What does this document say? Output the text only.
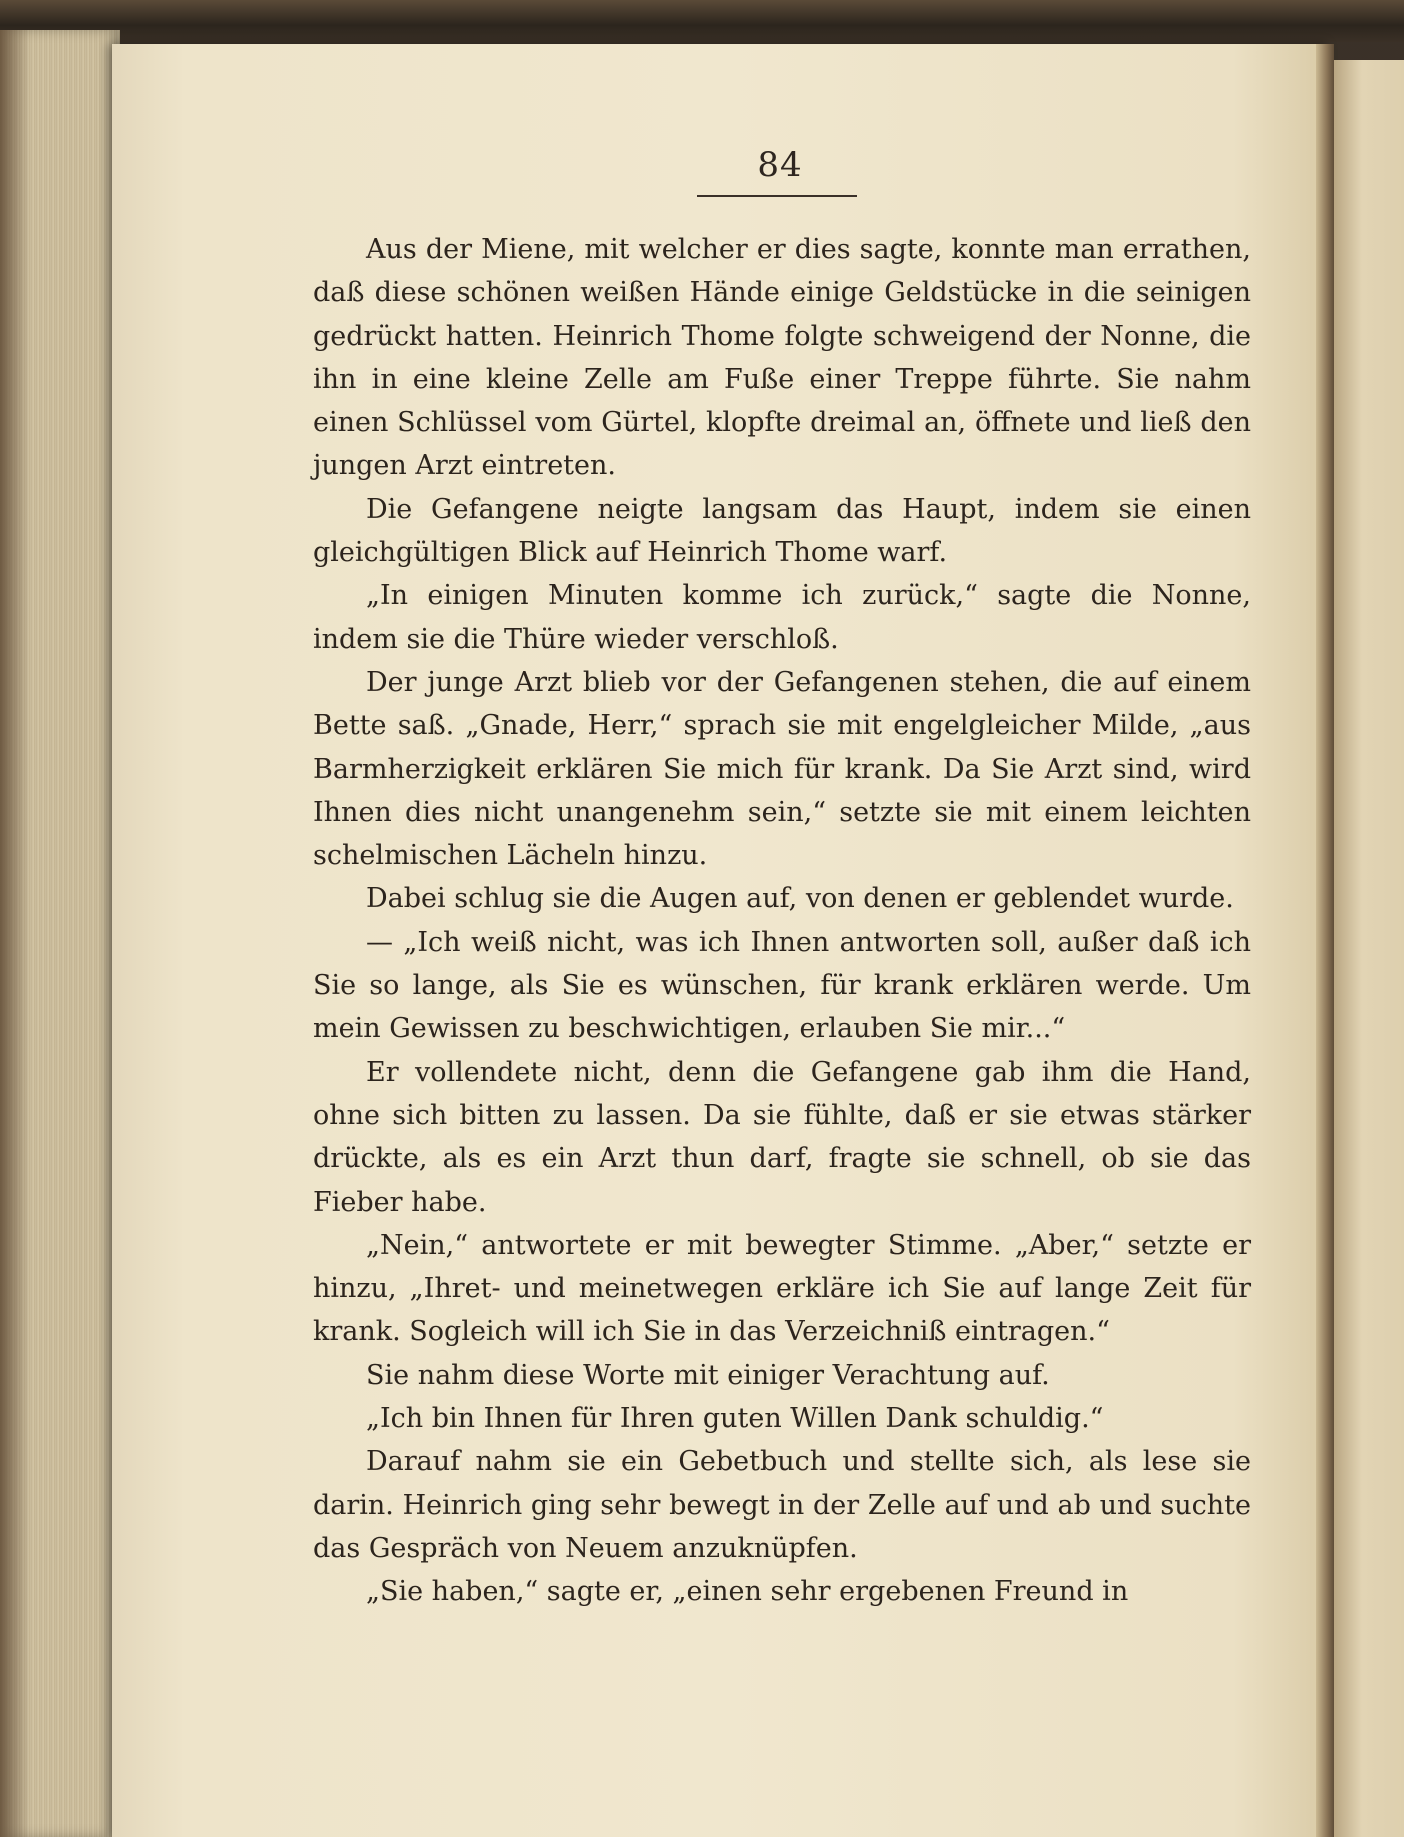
84

Aus der Miene, mit welcher er dies sagte, konnte man errathen, daß diese schönen weißen Hände einige Geldstücke in die seinigen gedrückt hatten. Heinrich Thome folgte schweigend der Nonne, die ihn in eine kleine Zelle am Fuße einer Treppe führte. Sie nahm einen Schlüssel vom Gürtel, klopfte dreimal an, öffnete und ließ den jungen Arzt eintreten.

Die Gefangene neigte langsam das Haupt, indem sie einen gleichgültigen Blick auf Heinrich Thome warf.

„In einigen Minuten komme ich zurück,“ sagte die Nonne, indem sie die Thüre wieder verschloß.

Der junge Arzt blieb vor der Gefangenen stehen, die auf einem Bette saß. „Gnade, Herr,“ sprach sie mit engelgleicher Milde, „aus Barmherzigkeit erklären Sie mich für krank. Da Sie Arzt sind, wird Ihnen dies nicht unangenehm sein,“ setzte sie mit einem leichten schelmischen Lächeln hinzu.

Dabei schlug sie die Augen auf, von denen er geblendet wurde.

— „Ich weiß nicht, was ich Ihnen antworten soll, außer daß ich Sie so lange, als Sie es wünschen, für krank erklären werde. Um mein Gewissen zu beschwichtigen, erlauben Sie mir...“

Er vollendete nicht, denn die Gefangene gab ihm die Hand, ohne sich bitten zu lassen. Da sie fühlte, daß er sie etwas stärker drückte, als es ein Arzt thun darf, fragte sie schnell, ob sie das Fieber habe.

„Nein,“ antwortete er mit bewegter Stimme. „Aber,“ setzte er hinzu, „Ihret- und meinetwegen erkläre ich Sie auf lange Zeit für krank. Sogleich will ich Sie in das Verzeichniß eintragen.“

Sie nahm diese Worte mit einiger Verachtung auf.

„Ich bin Ihnen für Ihren guten Willen Dank schuldig.“

Darauf nahm sie ein Gebetbuch und stellte sich, als lese sie darin. Heinrich ging sehr bewegt in der Zelle auf und ab und suchte das Gespräch von Neuem anzuknüpfen.

„Sie haben,“ sagte er, „einen sehr ergebenen Freund in
